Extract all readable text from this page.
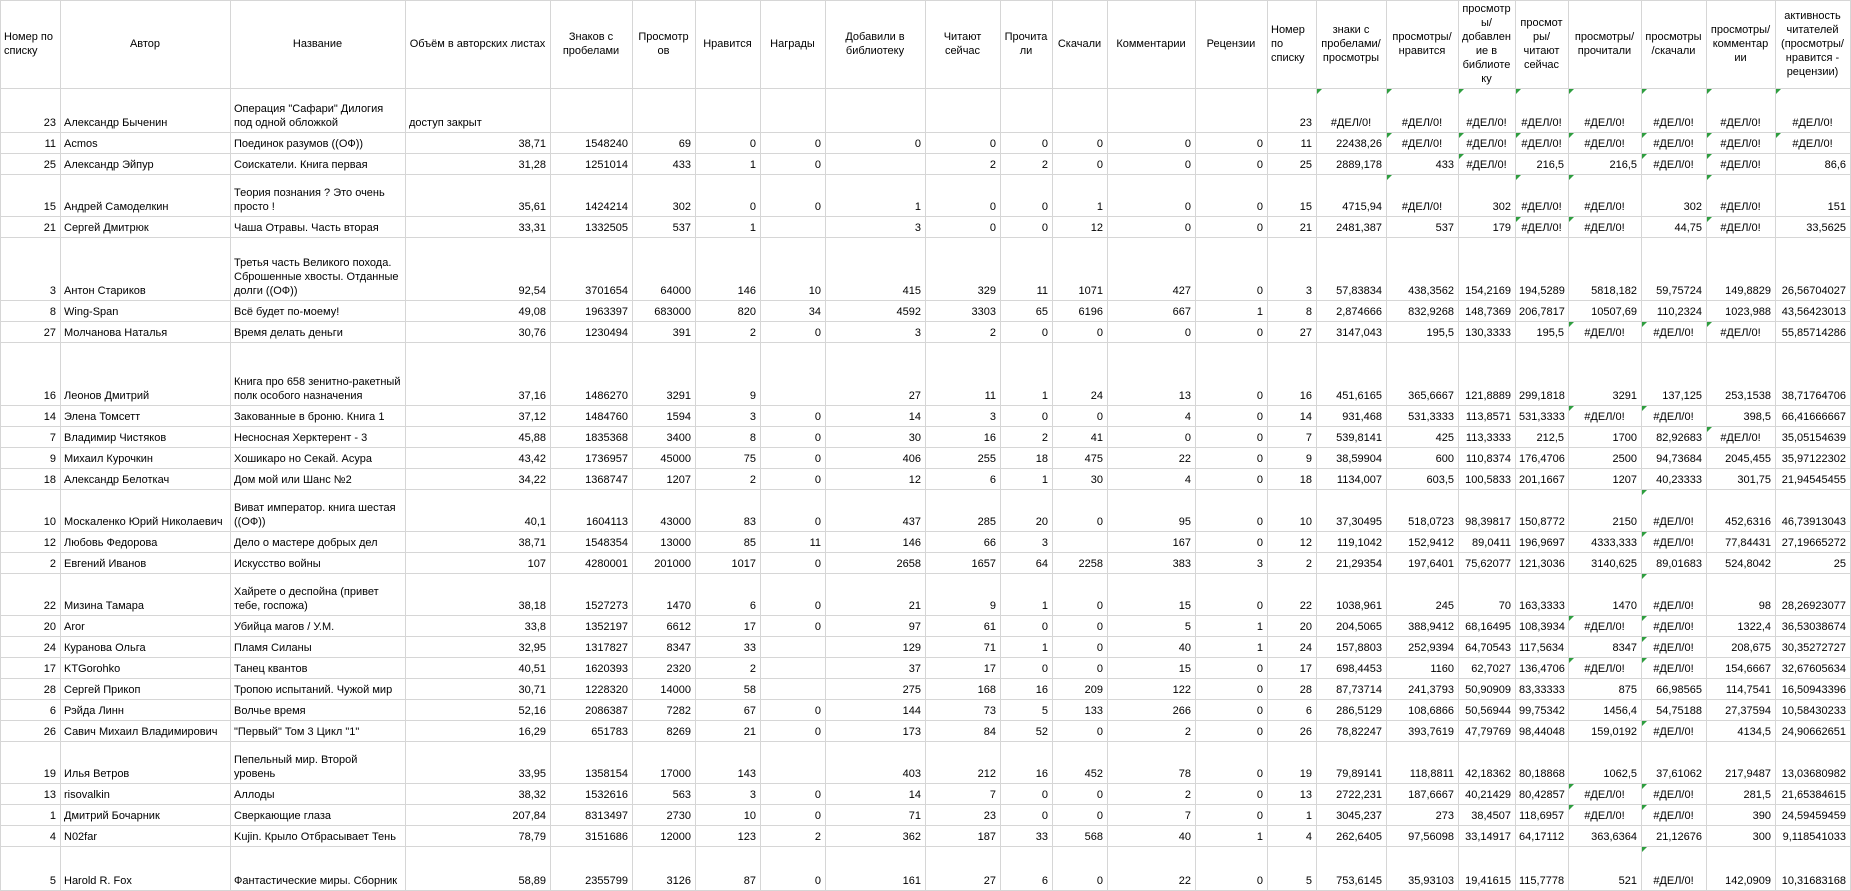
Номер по списку	Автор	Название	Объём в авторских листах	Знаков с пробелами	Просмотров	Нравится	Награды	Добавили в библиотеку	Читают сейчас	Прочитали	Скачали	Комментарии	Рецензии	Номер по списку	знаки с пробелами/просмотры	просмотры/нравится	просмотры/добавление в библиотеку	просмотры/читают сейчас	просмотры/прочитали	просмотры/скачали	просмотры/комментарии	активность читателей (просмотры/нравится - рецензии)
23	Александр Быченин	Операция "Сафари" Дилогия под одной обложкой	доступ закрыт											23	#ДЕЛ/0!	#ДЕЛ/0!	#ДЕЛ/0!	#ДЕЛ/0!	#ДЕЛ/0!	#ДЕЛ/0!	#ДЕЛ/0!	#ДЕЛ/0!
11	Acmos	Поединок разумов ((ОФ))	38,71	1548240	69	0	0	0	0	0	0	0	0	11	22438,26	#ДЕЛ/0!	#ДЕЛ/0!	#ДЕЛ/0!	#ДЕЛ/0!	#ДЕЛ/0!	#ДЕЛ/0!	#ДЕЛ/0!
25	Александр Эйпур	Соискатели. Книга первая	31,28	1251014	433	1	0		2	2	0	0	0	25	2889,178	433	#ДЕЛ/0!	216,5	216,5	#ДЕЛ/0!	#ДЕЛ/0!	86,6
15	Андрей Самоделкин	Теория познания ? Это очень просто !	35,61	1424214	302	0	0	1	0	0	1	0	0	15	4715,94	#ДЕЛ/0!	302	#ДЕЛ/0!	#ДЕЛ/0!	302	#ДЕЛ/0!	151
21	Сергей Дмитрюк	Чаша Отравы. Часть вторая	33,31	1332505	537	1		3	0	0	12	0	0	21	2481,387	537	179	#ДЕЛ/0!	#ДЕЛ/0!	44,75	#ДЕЛ/0!	33,5625
3	Антон Стариков	Третья часть Великого похода. Сброшенные хвосты. Отданные долги ((ОФ))	92,54	3701654	64000	146	10	415	329	11	1071	427	0	3	57,83834	438,3562	154,2169	194,5289	5818,182	59,75724	149,8829	26,56704027
8	Wing-Span	Всё будет по-моему!	49,08	1963397	683000	820	34	4592	3303	65	6196	667	1	8	2,874666	832,9268	148,7369	206,7817	10507,69	110,2324	1023,988	43,56423013
27	Молчанова Наталья	Время делать деньги	30,76	1230494	391	2	0	3	2	0	0	0	0	27	3147,043	195,5	130,3333	195,5	#ДЕЛ/0!	#ДЕЛ/0!	#ДЕЛ/0!	55,85714286
16	Леонов Дмитрий	Книга про 658 зенитно-ракетный полк особого назначения	37,16	1486270	3291	9		27	11	1	24	13	0	16	451,6165	365,6667	121,8889	299,1818	3291	137,125	253,1538	38,71764706
14	Элена Томсетт	Закованные в броню. Книга 1	37,12	1484760	1594	3	0	14	3	0	0	4	0	14	931,468	531,3333	113,8571	531,3333	#ДЕЛ/0!	#ДЕЛ/0!	398,5	66,41666667
7	Владимир Чистяков	Несносная Херктерент - 3	45,88	1835368	3400	8	0	30	16	2	41	0	0	7	539,8141	425	113,3333	212,5	1700	82,92683	#ДЕЛ/0!	35,05154639
9	Михаил Курочкин	Хошикаро но Секай. Асура	43,42	1736957	45000	75	0	406	255	18	475	22	0	9	38,59904	600	110,8374	176,4706	2500	94,73684	2045,455	35,97122302
18	Александр Белоткач	Дом мой или Шанс №2	34,22	1368747	1207	2	0	12	6	1	30	4	0	18	1134,007	603,5	100,5833	201,1667	1207	40,23333	301,75	21,94545455
10	Москаленко Юрий Николаевич	Виват император. книга шестая ((ОФ))	40,1	1604113	43000	83	0	437	285	20	0	95	0	10	37,30495	518,0723	98,39817	150,8772	2150	#ДЕЛ/0!	452,6316	46,73913043
12	Любовь Федорова	Дело о мастере добрых дел	38,71	1548354	13000	85	11	146	66	3		167	0	12	119,1042	152,9412	89,0411	196,9697	4333,333	#ДЕЛ/0!	77,84431	27,19665272
2	Евгений Иванов	Искусство войны	107	4280001	201000	1017	0	2658	1657	64	2258	383	3	2	21,29354	197,6401	75,62077	121,3036	3140,625	89,01683	524,8042	25
22	Мизина Тамара	Хайрете о деспойна (привет тебе, госпожа)	38,18	1527273	1470	6	0	21	9	1	0	15	0	22	1038,961	245	70	163,3333	1470	#ДЕЛ/0!	98	28,26923077
20	Aror	Убийца магов / У.М.	33,8	1352197	6612	17	0	97	61	0	0	5	1	20	204,5065	388,9412	68,16495	108,3934	#ДЕЛ/0!	#ДЕЛ/0!	1322,4	36,53038674
24	Куранова Ольга	Пламя Силаны	32,95	1317827	8347	33		129	71	1	0	40	1	24	157,8803	252,9394	64,70543	117,5634	8347	#ДЕЛ/0!	208,675	30,35272727
17	KTGorohko	Танец квантов	40,51	1620393	2320	2		37	17	0	0	15	0	17	698,4453	1160	62,7027	136,4706	#ДЕЛ/0!	#ДЕЛ/0!	154,6667	32,67605634
28	Сергей Прикоп	Тропою испытаний. Чужой мир	30,71	1228320	14000	58		275	168	16	209	122	0	28	87,73714	241,3793	50,90909	83,33333	875	66,98565	114,7541	16,50943396
6	Рэйда Линн	Волчье время	52,16	2086387	7282	67	0	144	73	5	133	266	0	6	286,5129	108,6866	50,56944	99,75342	1456,4	54,75188	27,37594	10,58430233
26	Савич Михаил Владимирович	"Первый" Том 3 Цикл "1"	16,29	651783	8269	21	0	173	84	52	0	2	0	26	78,82247	393,7619	47,79769	98,44048	159,0192	#ДЕЛ/0!	4134,5	24,90662651
19	Илья Ветров	Пепельный мир. Второй уровень	33,95	1358154	17000	143		403	212	16	452	78	0	19	79,89141	118,8811	42,18362	80,18868	1062,5	37,61062	217,9487	13,03680982
13	risovalkin	Аллоды	38,32	1532616	563	3	0	14	7	0	0	2	0	13	2722,231	187,6667	40,21429	80,42857	#ДЕЛ/0!	#ДЕЛ/0!	281,5	21,65384615
1	Дмитрий Бочарник	Сверкающие глаза	207,84	8313497	2730	10	0	71	23	0	0	7	0	1	3045,237	273	38,4507	118,6957	#ДЕЛ/0!	#ДЕЛ/0!	390	24,59459459
4	N02far	Kujin. Крыло Отбрасывает Тень	78,79	3151686	12000	123	2	362	187	33	568	40	1	4	262,6405	97,56098	33,14917	64,17112	363,6364	21,12676	300	9,118541033
5	Harold R. Fox	Фантастические миры. Сборник	58,89	2355799	3126	87	0	161	27	6	0	22	0	5	753,6145	35,93103	19,41615	115,7778	521	#ДЕЛ/0!	142,0909	10,31683168
